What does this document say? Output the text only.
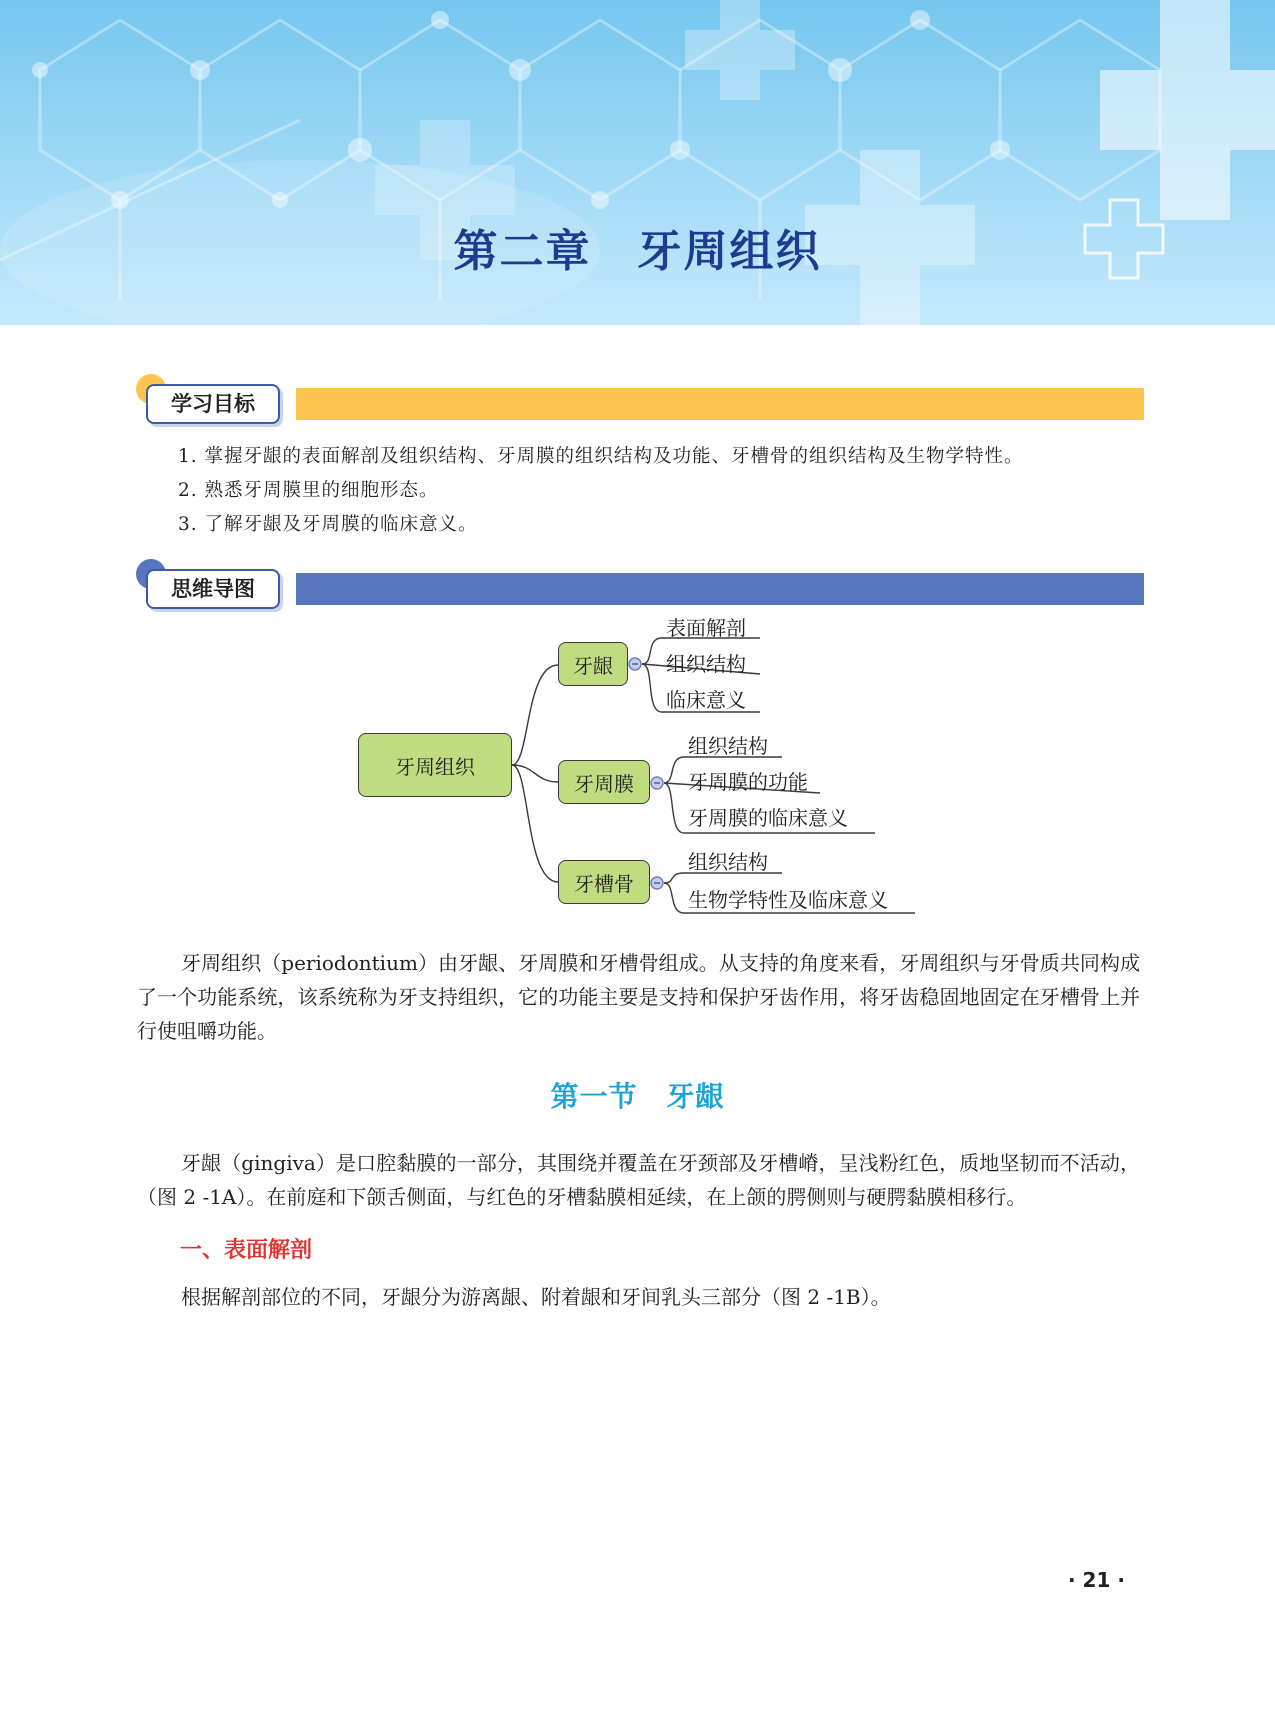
第二章　牙周组织
学习目标
1. 掌握牙龈的表面解剖及组织结构、牙周膜的组织结构及功能、牙槽骨的组织结构及生物学特性。
2. 熟悉牙周膜里的细胞形态。
3. 了解牙龈及牙周膜的临床意义。
思维导图
牙周组织
牙龈
牙周膜
牙槽骨
表面解剖
组织结构
临床意义
组织结构
牙周膜的功能
牙周膜的临床意义
组织结构
生物学特性及临床意义

牙周组织（periodontium）由牙龈、牙周膜和牙槽骨组成。从支持的角度来看，牙周组织与牙骨质共同构成了一个功能系统，该系统称为牙支持组织，它的功能主要是支持和保护牙齿作用，将牙齿稳固地固定在牙槽骨上并行使咀嚼功能。

第一节　牙龈

牙龈（gingiva）是口腔黏膜的一部分，其围绕并覆盖在牙颈部及牙槽嵴，呈浅粉红色，质地坚韧而不活动，（图 2 -1A）。在前庭和下颌舌侧面，与红色的牙槽黏膜相延续，在上颌的腭侧则与硬腭黏膜相移行。

一、表面解剖

根据解剖部位的不同，牙龈分为游离龈、附着龈和牙间乳头三部分（图 2 -1B）。

· 21 ·
